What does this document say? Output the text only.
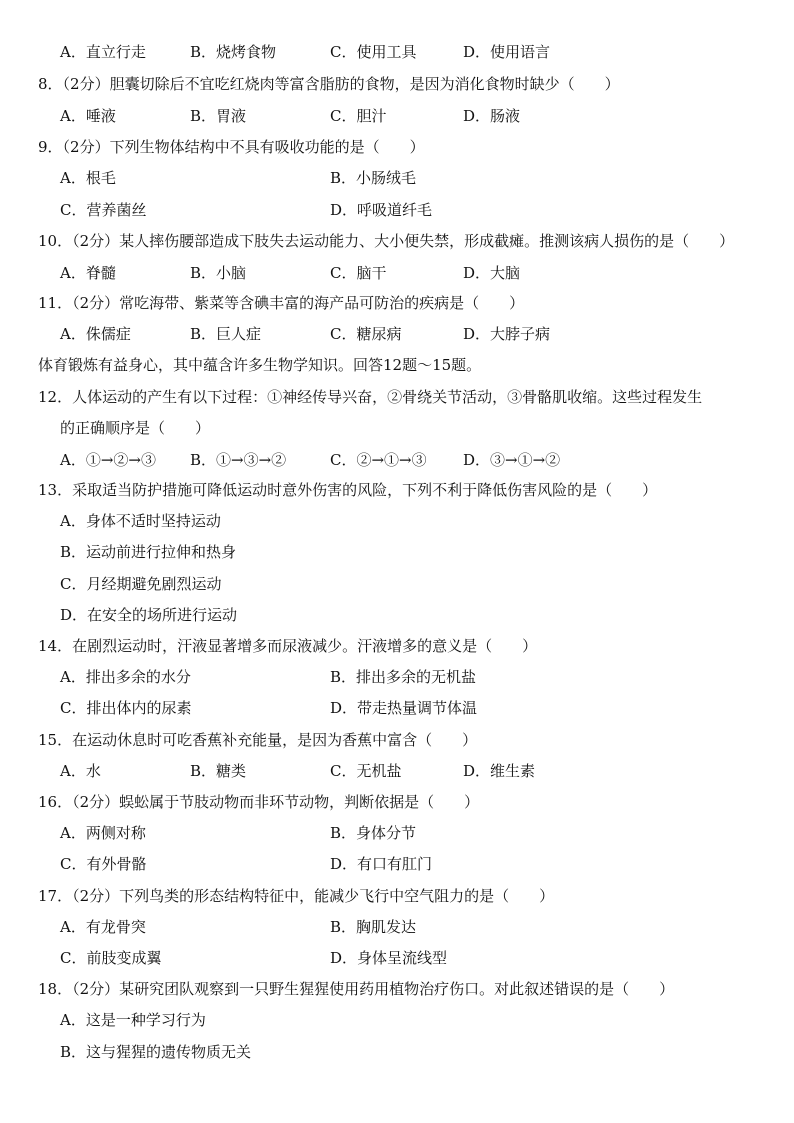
A．直立行走	B．烧烤食物	C．使用工具	D．使用语言
8．（2分）胆囊切除后不宜吃红烧肉等富含脂肪的食物，是因为消化食物时缺少（　　）
A．唾液	B．胃液	C．胆汁	D．肠液
9．（2分）下列生物体结构中不具有吸收功能的是（　　）
A．根毛	B．小肠绒毛
C．营养菌丝	D．呼吸道纤毛
10．（2分）某人摔伤腰部造成下肢失去运动能力、大小便失禁，形成截瘫。推测该病人损伤的是（　　）
A．脊髓	B．小脑	C．脑干	D．大脑
11．（2分）常吃海带、紫菜等含碘丰富的海产品可防治的疾病是（　　）
A．侏儒症	B．巨人症	C．糖尿病	D．大脖子病
体育锻炼有益身心，其中蕴含许多生物学知识。回答12题～15题。
12．人体运动的产生有以下过程：①神经传导兴奋，②骨绕关节活动，③骨骼肌收缩。这些过程发生
的正确顺序是（　　）
A．①→②→③ B．①→③→②	C．②→①→③ D．③→①→②
13．采取适当防护措施可降低运动时意外伤害的风险，下列不利于降低伤害风险的是（　　）
A．身体不适时坚持运动
B．运动前进行拉伸和热身
C．月经期避免剧烈运动
D．在安全的场所进行运动
14．在剧烈运动时，汗液显著增多而尿液减少。汗液增多的意义是（　　）
A．排出多余的水分	B．排出多余的无机盐
C．排出体内的尿素	D．带走热量调节体温
15．在运动休息时可吃香蕉补充能量，是因为香蕉中富含（　　）
A．水	B．糖类	C．无机盐	D．维生素
16．（2分）蜈蚣属于节肢动物而非环节动物，判断依据是（　　）
A．两侧对称	B．身体分节
C．有外骨骼	D．有口有肛门
17．（2分）下列鸟类的形态结构特征中，能减少飞行中空气阻力的是（　　）
A．有龙骨突	B．胸肌发达
C．前肢变成翼	D．身体呈流线型
18．（2分）某研究团队观察到一只野生猩猩使用药用植物治疗伤口。对此叙述错误的是（　　）
A．这是一种学习行为
B．这与猩猩的遗传物质无关
